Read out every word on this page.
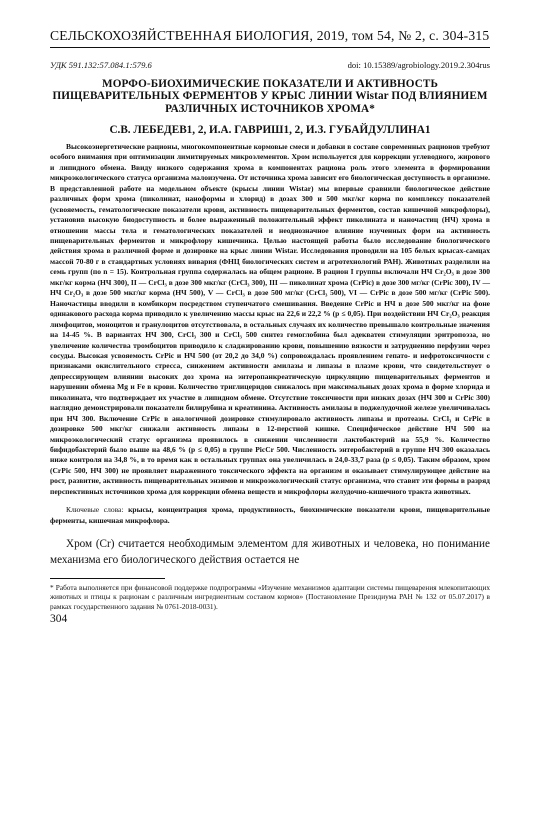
СЕЛЬСКОХОЗЯЙСТВЕННАЯ БИОЛОГИЯ, 2019, том 54, № 2, с. 304-315
УДК 591.132:57.084.1:579.6	doi: 10.15389/agrobiology.2019.2.304rus
МОРФО-БИОХИМИЧЕСКИЕ ПОКАЗАТЕЛИ И АКТИВНОСТЬ ПИЩЕВАРИТЕЛЬНЫХ ФЕРМЕНТОВ У КРЫС ЛИНИИ Wistar ПОД ВЛИЯНИЕМ РАЗЛИЧНЫХ ИСТОЧНИКОВ ХРОМА*
С.В. ЛЕБЕДЕВ1, 2, И.А. ГАВРИШ1, 2, И.З. ГУБАЙДУЛЛИНА1

Высокоэнергетические рационы, многокомпонентные кормовые смеси и добавки в составе современных рационов требуют особого внимания при оптимизации лимитируемых микроэлементов. Хром используется для коррекции углеводного, жирового и липидного обмена. Ввиду низкого содержания хрома в компонентах рациона роль этого элемента в формировании микроэкологического статуса организма малоизучена. От источника хрома зависит его биологическая доступность в организме. В представленной работе на модельном объекте (крысы линии Wistar) мы впервые сравнили биологическое действие различных форм хрома (пиколинат, нанoформы и хлорид) в дозах 300 и 500 мкг/кг корма по комплексу показателей (усвояемость, гематологические показатели крови, активность пищеварительных ферментов, состав кишечной микрофлоры), установив высокую биодоступность и более выраженный положительный эффект пиколината и наночастиц (НЧ) хрома в отношении массы тела и гематологических показателей и неоднозначное влияние изученных форм на активность пищеварительных ферментов и микрофлору кишечника. Целью настоящей работы было исследование биологического действия хрома в различной форме и дозировке на крыс линии Wistar. Исследования проводили на 105 белых крысах-самцах массой 70-80 г в стандартных условиях вивария (ФНЦ биологических систем и агротехнологий РАН). Животных разделили на семь групп (по n = 15). Контрольная группа содержалась на общем рационе. В рацион I группы включали НЧ Cr₂O₃ в дозе 300 мкг/кг корма (НЧ 300), II — CrCl₃ в дозе 300 мкг/кг (CrCl₃ 300), III — пиколинат хрома (CrPic) в дозе 300 мг/кг (CrPic 300), IV — НЧ Cr₂O₃ в дозе 500 мкг/кг корма (НЧ 500), V — CrCl₃ в дозе 500 мг/кг (CrCl₃ 500), VI — CrPic в дозе 500 мг/кг (CrPic 500). Наночастицы вводили в комбикорм посредством ступенчатого смешивания. Введение CrPic и НЧ в дозе 500 мкг/кг на фоне одинакового расхода корма приводило к увеличению массы крыс на 22,6 и 22,2 % (р ≤ 0,05). При воздействии НЧ Cr₂O₃ реакция лимфоцитов, моноцитов и гранулоцитов отсутствовала, в остальных случаях их количество превышало контрольные значения на 14-45 %. В вариантах НЧ 300, CrCl₃ 300 и CrCl₃ 500 синтез гемоглобина был адекватен стимуляции эритропоэза, но увеличение количества тромбоцитов приводило к сладжированию крови, повышению вязкости и затруднению перфузии через сосуды. Высокая усвояемость CrPic и НЧ 500 (от 20,2 до 34,0 %) сопровождалась проявлением гепато- и нефротоксичности с признаками окислительного стресса, снижением активности амилазы и липазы в плазме крови, что свидетельствует о депрессирующем влиянии высоких доз хрома на энтеропанкреатическую циркуляцию пищеварительных ферментов и нарушении обмена Mg и Fe в крови. Количество триглицеридов снижалось при максимальных дозах хрома в форме хлорида и пиколината, что подтверждает их участие в липидном обмене. Отсутствие токсичности при низких дозах (НЧ 300 и CrPic 300) наглядно демонстрировали показатели билирубина и креатинина. Активность амилазы в поджелудочной железе увеличивалась при НЧ 300. Включение CrPic в аналогичной дозировке стимулировало активность липазы и протеазы. CrCl₃ и CrPic в дозировке 500 мкг/кг снижали активность липазы в 12-перстной кишке. Специфическое действие НЧ 500 на микроэкологический статус организма проявилось в снижении численности лактобактерий на 55,9 %. Количество бифидобактерий было выше на 48,6 % (р ≤ 0,05) в группе PicCr 500. Численность энтеробактерий в группе НЧ 300 оказалась ниже контроля на 34,8 %, в то время как в остальных группах она увеличилась в 24,0-33,7 раза (р ≤ 0,05). Таким образом, хром (CrPic 500, НЧ 300) не проявляет выраженного токсического эффекта на организм и оказывает стимулирующее действие на рост, развитие, активность пищеварительных энзимов и микроэкологический статус организма, что ставит эти формы в разряд перспективных источников хрома для коррекции обмена веществ и микрофлоры желудочно-кишечного тракта животных.

Ключевые слова: крысы, концентрация хрома, продуктивность, биохимические показатели крови, пищеварительные ферменты, кишечная микрофлора.

Хром (Cr) считается необходимым элементом для животных и человека, но понимание механизма его биологического действия остается не

* Работа выполняется при финансовой поддержке подпрограммы «Изучение механизмов адаптации системы пищеварения млекопитающих животных и птицы к рационам с различным ингредиентным составом кормов» (Постановление Президиума РАН № 132 от 05.07.2017) в рамках государственного задания № 0761-2018-0031).

304
